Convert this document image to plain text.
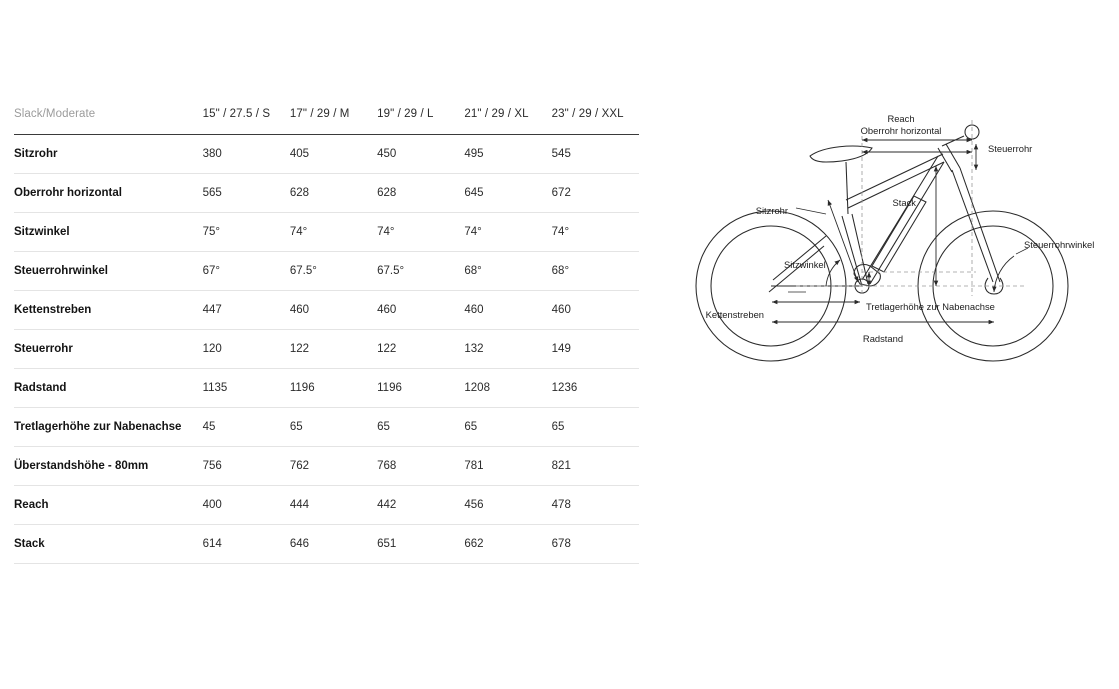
Slack/Moderate	15" / 27.5 / S	17" / 29 / M	19" / 29 / L	21" / 29 / XL	23" / 29 / XXL
Sitzrohr	380	405	450	495	545
Oberrohr horizontal	565	628	628	645	672
Sitzwinkel	75°	74°	74°	74°	74°
Steuerrohrwinkel	67°	67.5°	67.5°	68°	68°
Kettenstreben	447	460	460	460	460
Steuerrohr	120	122	122	132	149
Radstand	1135	1196	1196	1208	1236
Tretlagerhöhe zur Nabenachse	45	65	65	65	65
Überstandshöhe - 80mm	756	762	768	781	821
Reach	400	444	442	456	478
Stack	614	646	651	662	678
Reach
Oberrohr horizontal
Steuerrohr
Stack
Sitzrohr
Steuerrohrwinkel
Sitzwinkel
Tretlagerhöhe zur Nabenachse
Kettenstreben
Radstand
